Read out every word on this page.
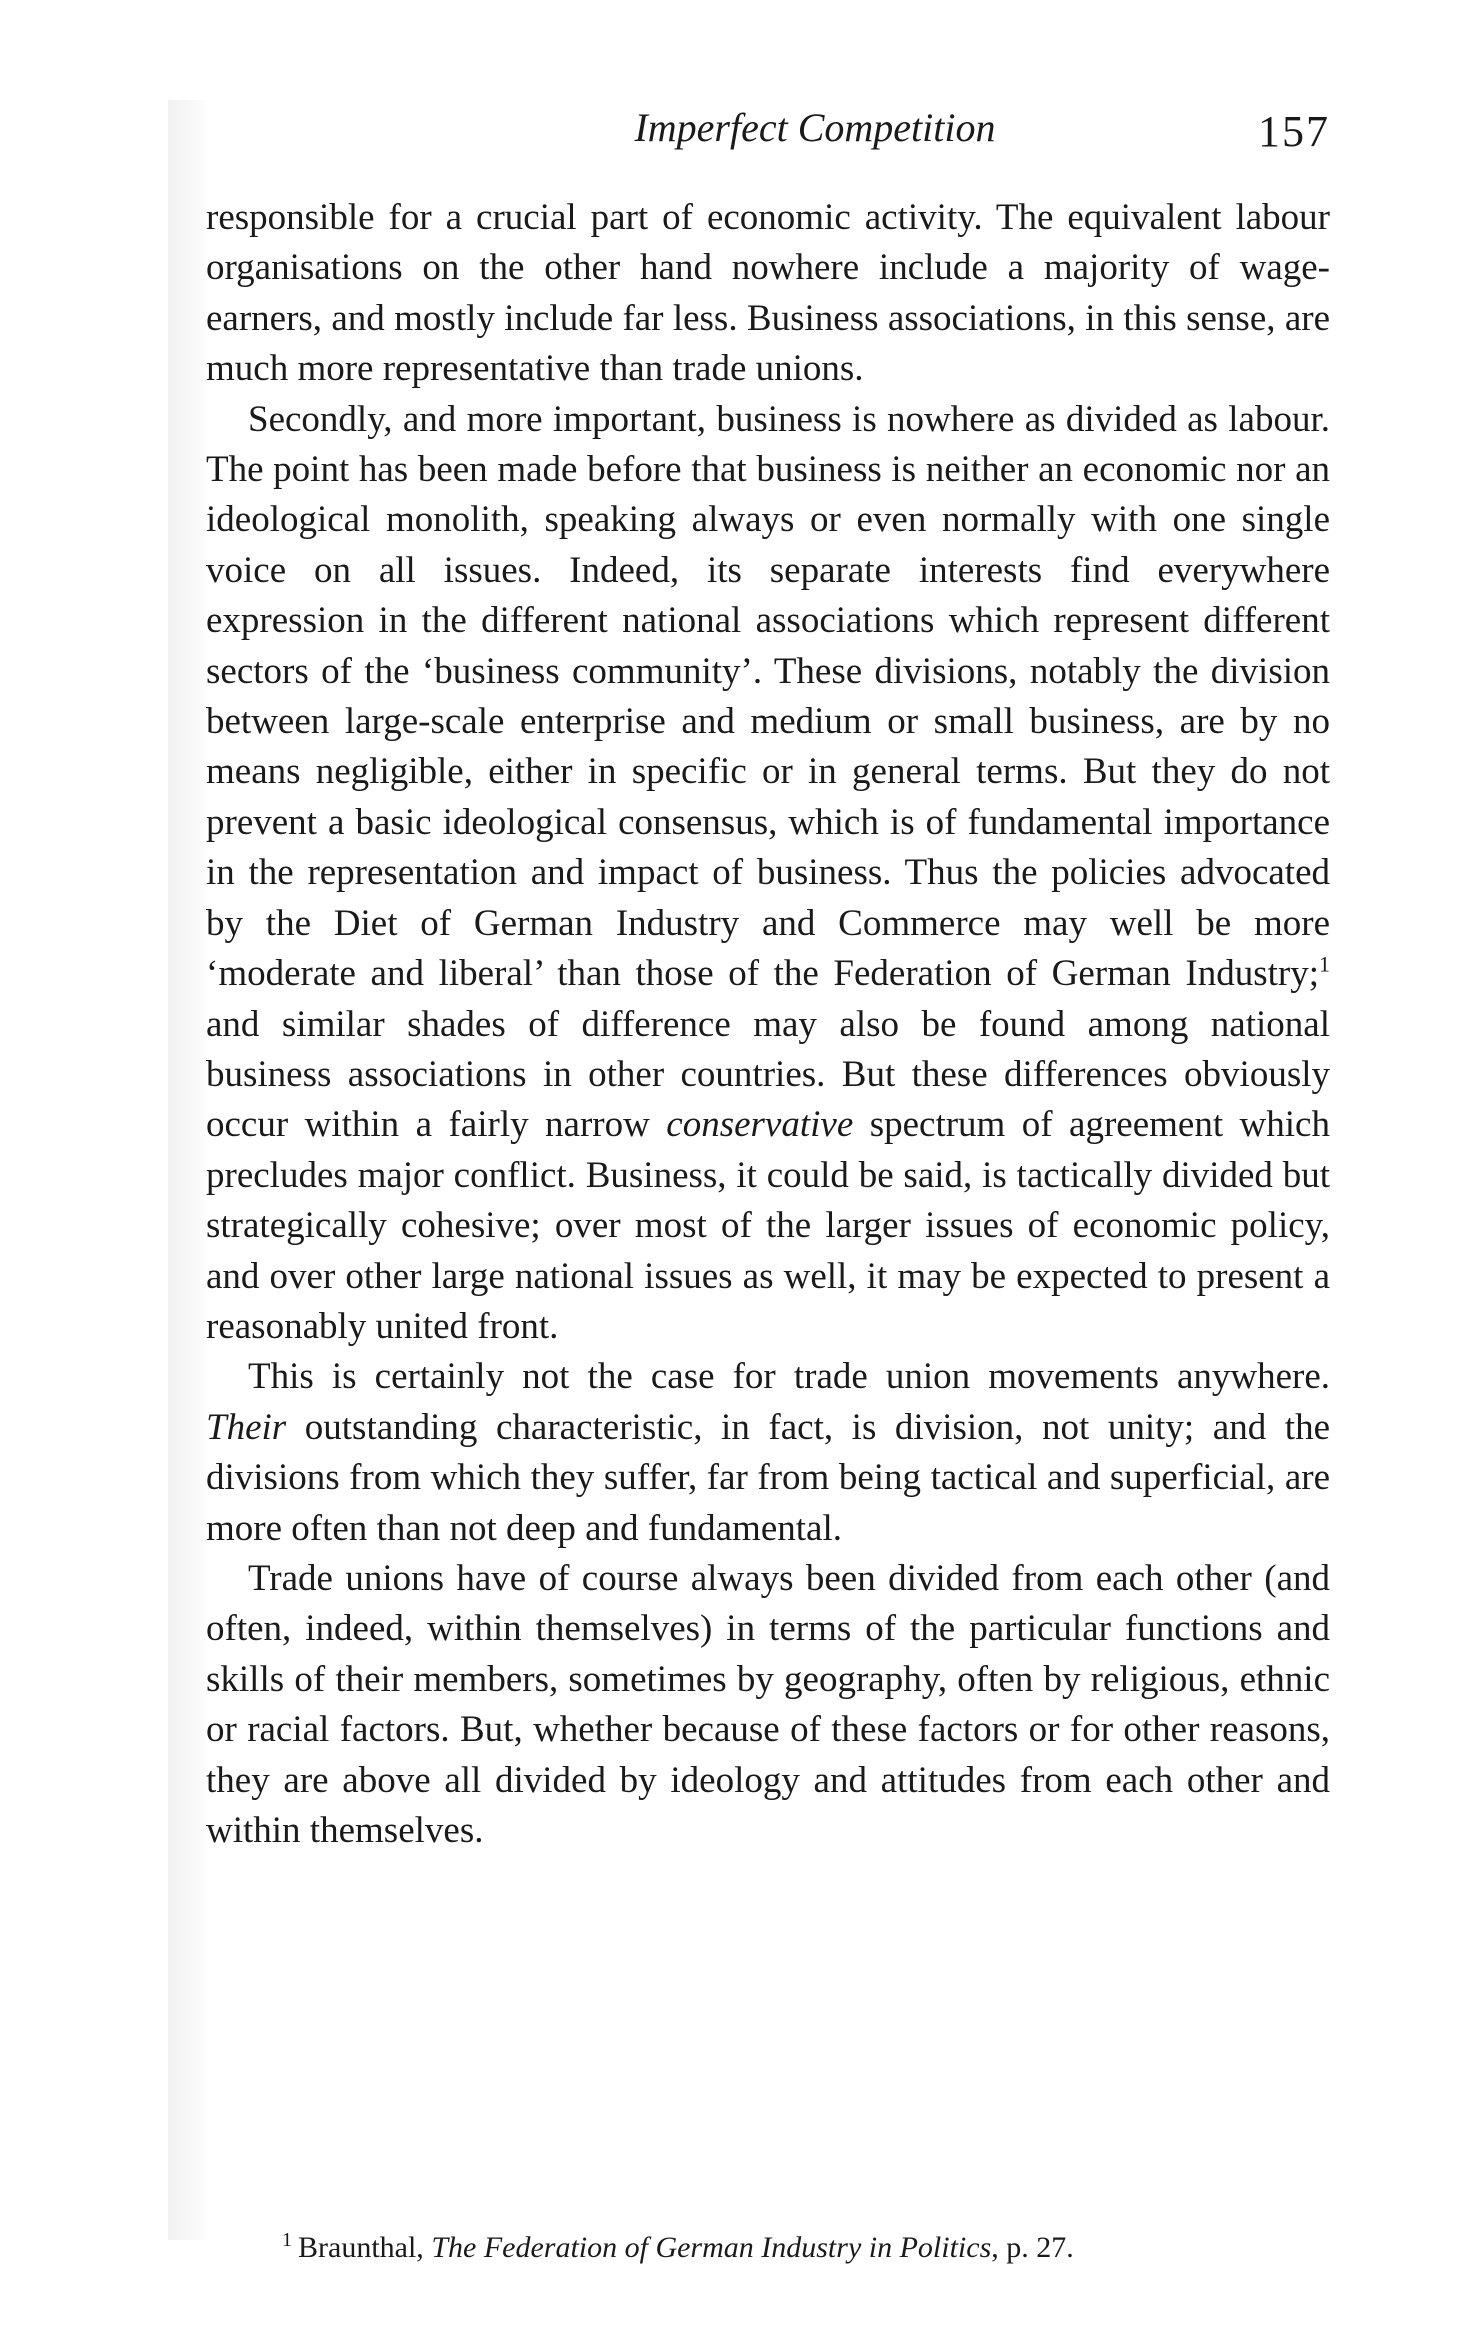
Imperfect Competition	157

responsible for a crucial part of economic activity. The equivalent labour organisations on the other hand nowhere include a majority of wage-earners, and mostly include far less. Business associations, in this sense, are much more representative than trade unions.

Secondly, and more important, business is nowhere as divided as labour. The point has been made before that business is neither an economic nor an ideological monolith, speaking always or even normally with one single voice on all issues. Indeed, its separate interests find everywhere expression in the different national associations which represent different sectors of the ‘business community’. These divisions, notably the division between large-scale enterprise and medium or small business, are by no means negligible, either in specific or in general terms. But they do not prevent a basic ideological consensus, which is of fundamental importance in the representation and impact of business. Thus the policies advocated by the Diet of German Industry and Commerce may well be more ‘moderate and liberal’ than those of the Federation of German Industry;$^1$ and similar shades of difference may also be found among national business associations in other countries. But these differences obviously occur within a fairly narrow conservative spectrum of agreement which precludes major conflict. Business, it could be said, is tactically divided but strategically cohesive; over most of the larger issues of economic policy, and over other large national issues as well, it may be expected to present a reasonably united front.

This is certainly not the case for trade union movements anywhere. Their outstanding characteristic, in fact, is division, not unity; and the divisions from which they suffer, far from being tactical and superficial, are more often than not deep and fundamental.

Trade unions have of course always been divided from each other (and often, indeed, within themselves) in terms of the particular functions and skills of their members, sometimes by geography, often by religious, ethnic or racial factors. But, whether because of these factors or for other reasons, they are above all divided by ideology and attitudes from each other and within themselves.

$^1$ Braunthal, The Federation of German Industry in Politics, p. 27.
